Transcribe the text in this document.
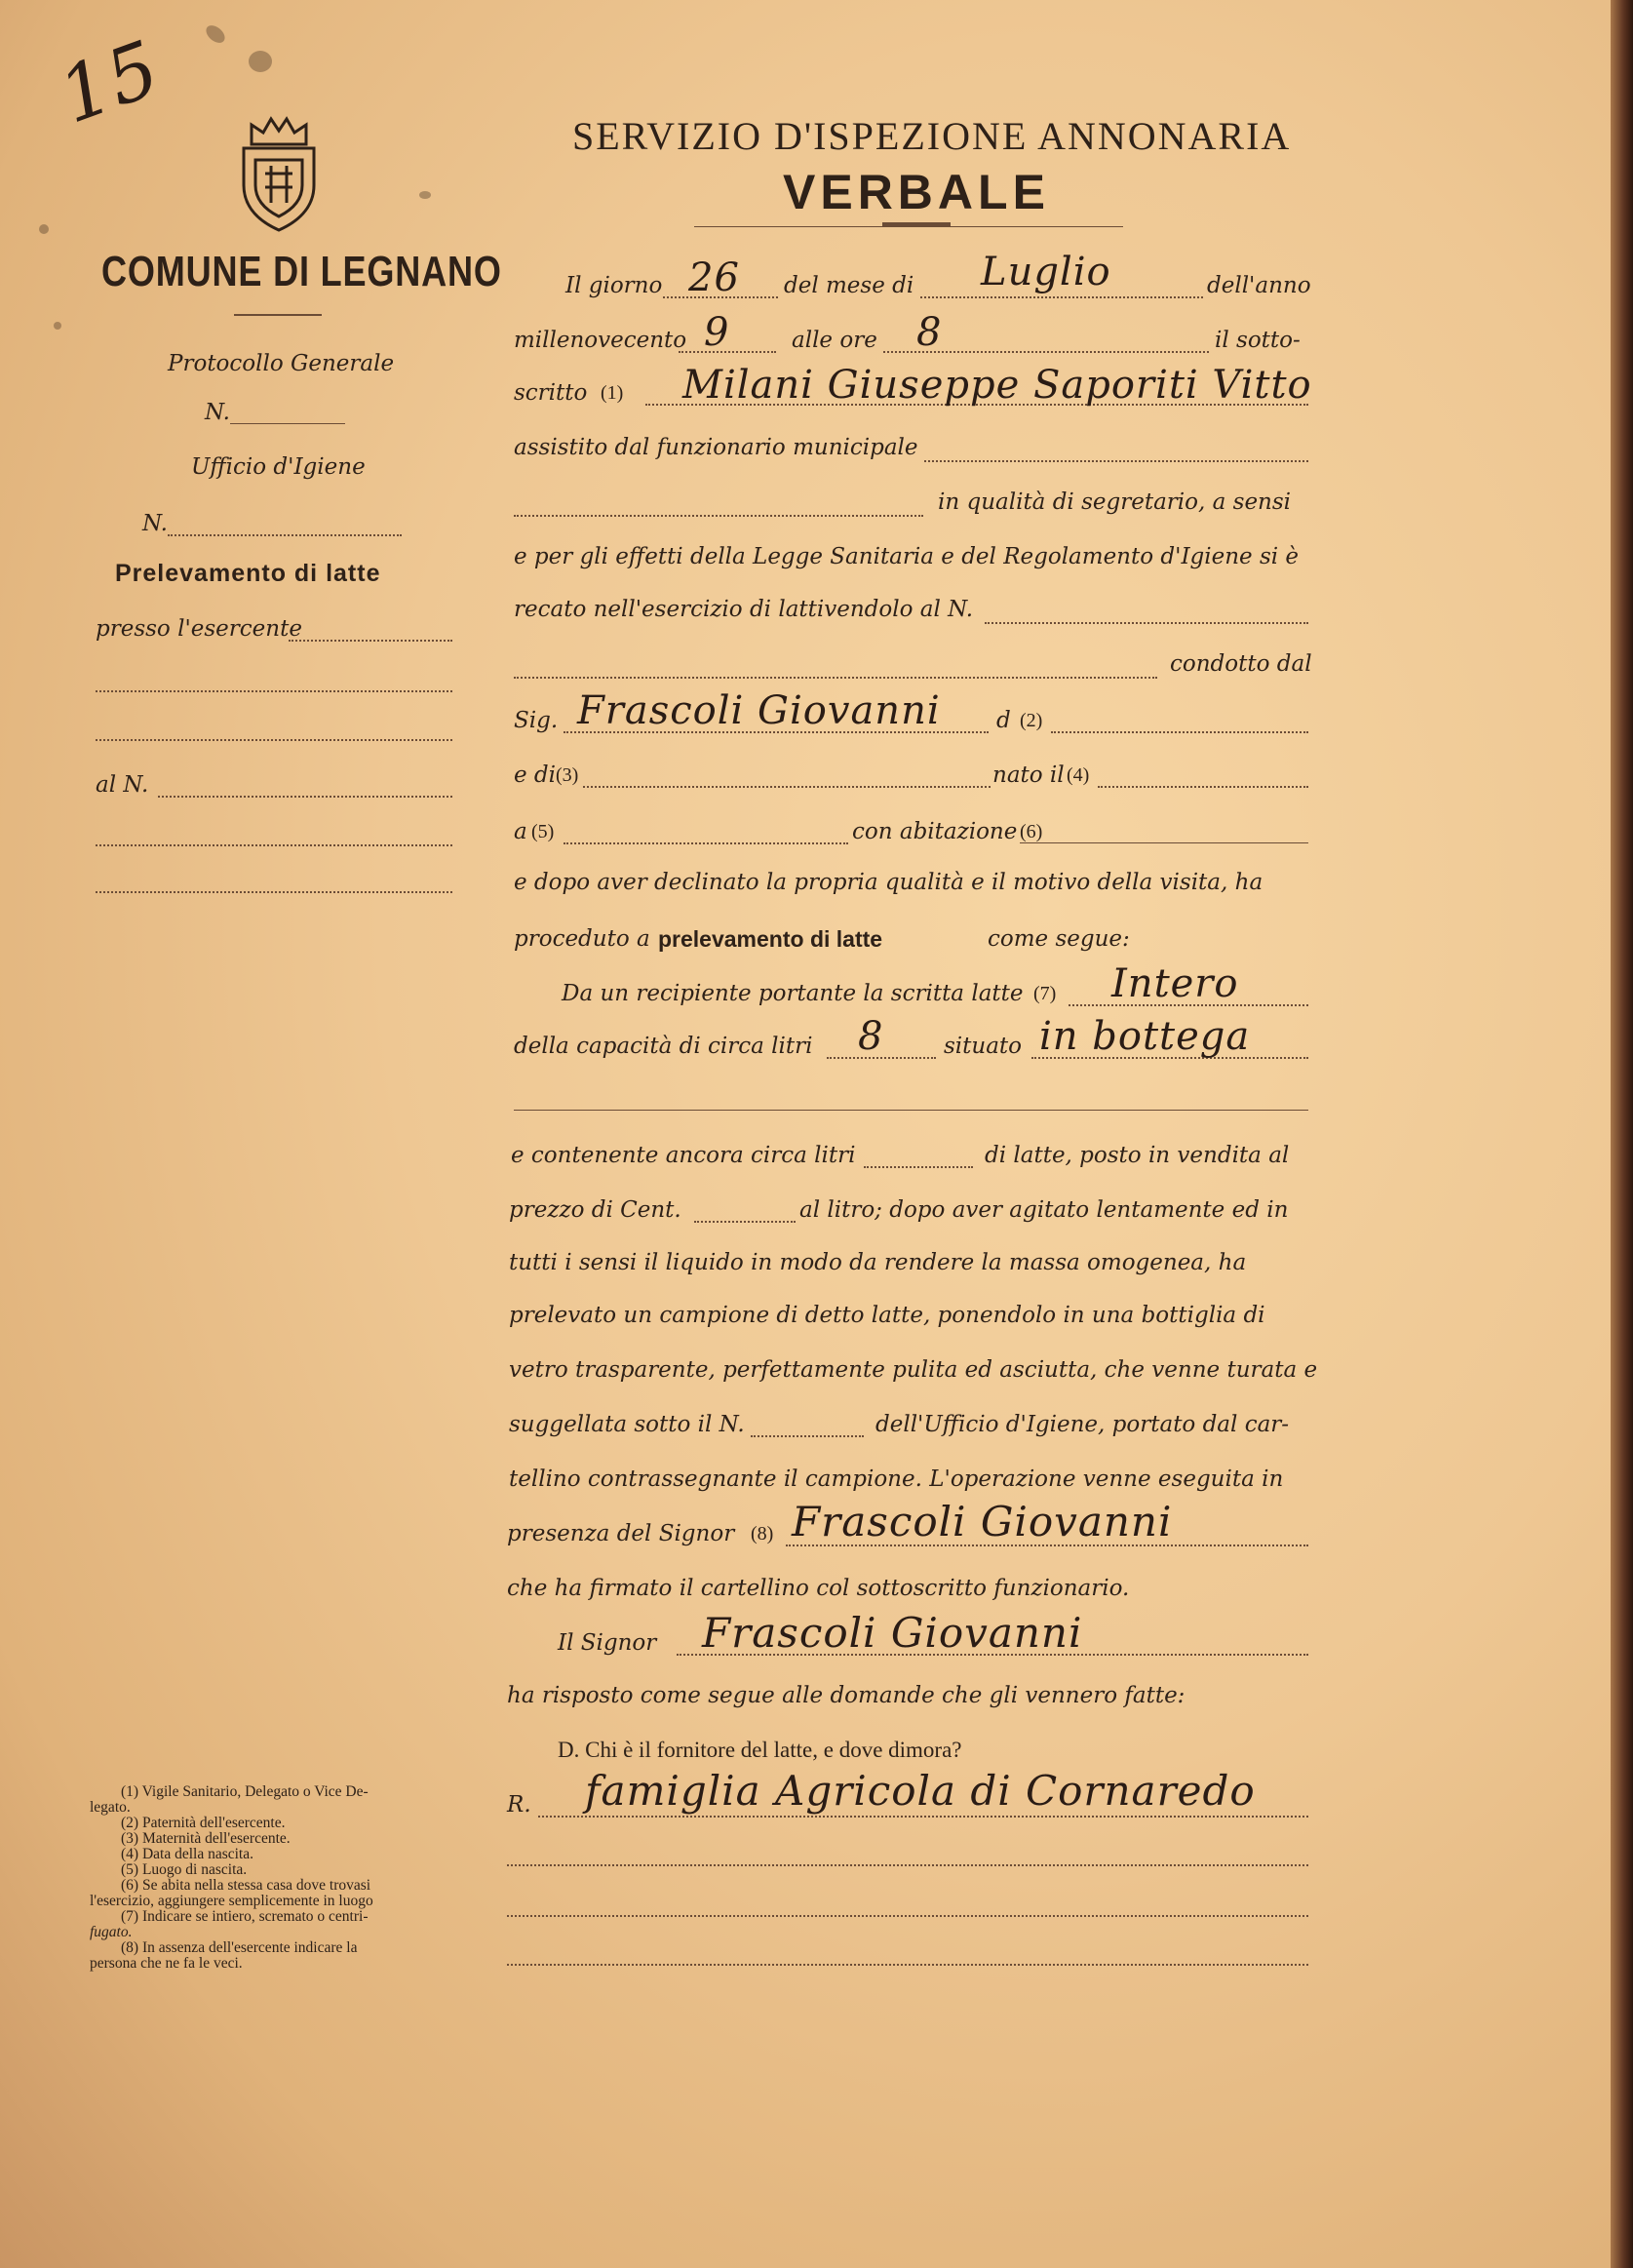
15	SERVIZIO D'ISPEZIONE ANNONARIA
VERBALE
COMUNE DI LEGNANO
Protocollo Generale
N.
Ufficio d'Igiene
N.
Prelevamento di latte
presso l'esercente
al N.
Il giorno 26 del mese di Luglio	dell'anno
millenovecento 9	alle ore 8	il sotto-
scritto (1) Milani Giuseppe Saporiti Vitto
assistito dal funzionario municipale
in qualità di segretario, a sensi
e per gli effetti della Legge Sanitaria e del Regolamento d'Igiene si è
recato nell'esercizio di lattivendolo al N.
condotto dal
Sig. Frascoli Giovanni d (2)
e di (3)	nato il (4)
a (5)	con abitazione (6)
e dopo aver declinato la propria qualità e il motivo della visita, ha
proceduto a prelevamento di latte	come segue:
Da un recipiente portante la scritta latte (7) Intero
della capacità di circa litri 8	situato in bottega
e contenente ancora circa litri	di latte, posto in vendita al
prezzo di Cent.	al litro; dopo aver agitato lentamente ed in
tutti i sensi il liquido in modo da rendere la massa omogenea, ha
prelevato un campione di detto latte, ponendolo in una bottiglia di
vetro trasparente, perfettamente pulita ed asciutta, che venne turata e
suggellata sotto il N.	dell'Ufficio d'Igiene, portato dal car-
tellino contrassegnante il campione. L'operazione venne eseguita in
presenza del Signor (8) Frascoli Giovanni
che ha firmato il cartellino col sottoscritto funzionario.
Il Signor Frascoli Giovanni
ha risposto come segue alle domande che gli vennero fatte:
D. Chi è il fornitore del latte, e dove dimora?
R. famiglia Agricola di Cornaredo
(1) Vigile Sanitario, Delegato o Vice De-
legato.
(2) Paternità dell'esercente.
(3) Maternità dell'esercente.
(4) Data della nascita.
(5) Luogo di nascita.
(6) Se abita nella stessa casa dove trovasi
l'esercizio, aggiungere semplicemente in luogo
(7) Indicare se intiero, scremato o centri-
fugato.
(8) In assenza dell'esercente indicare la
persona che ne fa le veci.
